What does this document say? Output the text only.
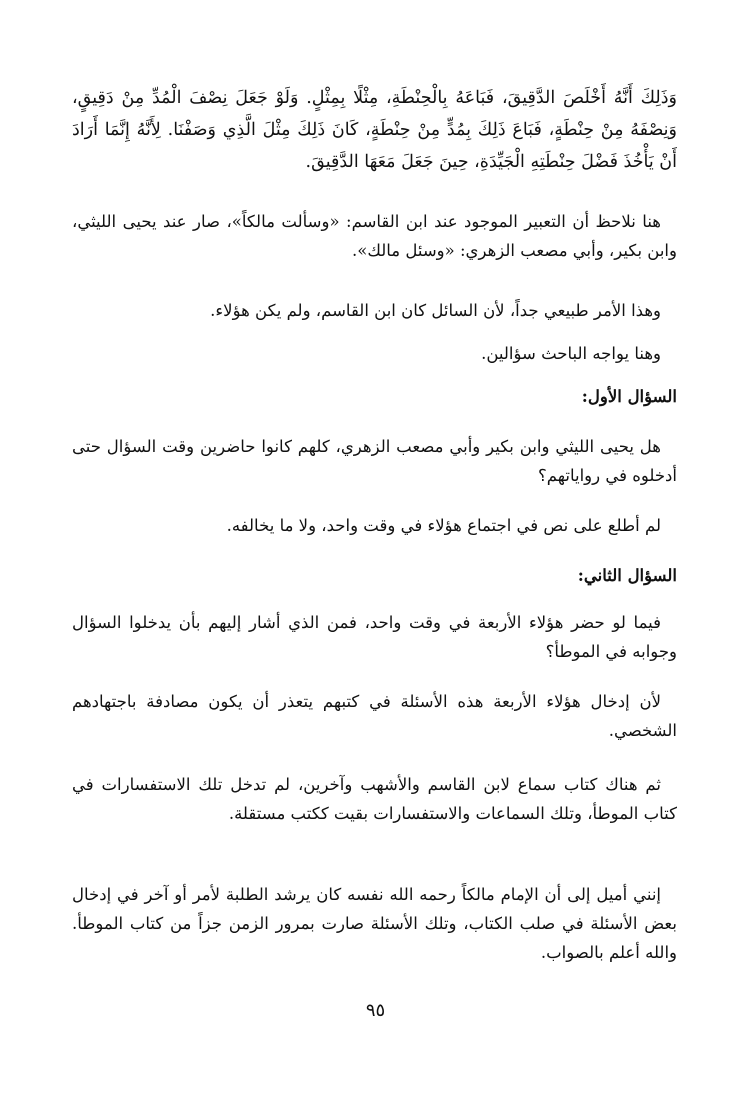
وَذَلِكَ أَنَّهُ أَخْلَصَ الدَّقِيقَ، فَبَاعَهُ بِالْحِنْطَةِ، مِثْلًا بِمِثْلٍ. وَلَوْ جَعَلَ نِصْفَ الْمُدِّ مِنْ دَقِيقٍ، وَنِصْفَهُ مِنْ حِنْطَةٍ، فَبَاعَ ذَلِكَ بِمُدٍّ مِنْ حِنْطَةٍ، كَانَ ذَلِكَ مِثْلَ الَّذِي وَصَفْنَا. لِأَنَّهُ إِنَّمَا أَرَادَ أَنْ يَأْخُذَ فَضْلَ حِنْطَتِهِ الْجَيِّدَةِ، حِينَ جَعَلَ مَعَهَا الدَّقِيقَ.

هنا نلاحظ أن التعبير الموجود عند ابن القاسم: «وسألت مالكاً»، صار عند يحيى الليثي، وابن بكير، وأبي مصعب الزهري: «وسئل مالك».

وهذا الأمر طبيعي جداً، لأن السائل كان ابن القاسم، ولم يكن هؤلاء.

وهنا يواجه الباحث سؤالين.

السؤال الأول:

هل يحيى الليثي وابن بكير وأبي مصعب الزهري، كلهم كانوا حاضرين وقت السؤال حتى أدخلوه في رواياتهم؟

لم أطلع على نص في اجتماع هؤلاء في وقت واحد، ولا ما يخالفه.

السؤال الثاني:

فيما لو حضر هؤلاء الأربعة في وقت واحد، فمن الذي أشار إليهم بأن يدخلوا السؤال وجوابه في الموطأ؟

لأن إدخال هؤلاء الأربعة هذه الأسئلة في كتبهم يتعذر أن يكون مصادفة باجتهادهم الشخصي.

ثم هناك كتاب سماع لابن القاسم والأشهب وآخرين، لم تدخل تلك الاستفسارات في كتاب الموطأ، وتلك السماعات والاستفسارات بقيت ككتب مستقلة.

إنني أميل إلى أن الإمام مالكاً رحمه الله نفسه كان يرشد الطلبة لأمر أو آخر في إدخال بعض الأسئلة في صلب الكتاب، وتلك الأسئلة صارت بمرور الزمن جزاً من كتاب الموطأ. والله أعلم بالصواب.

٩٥
